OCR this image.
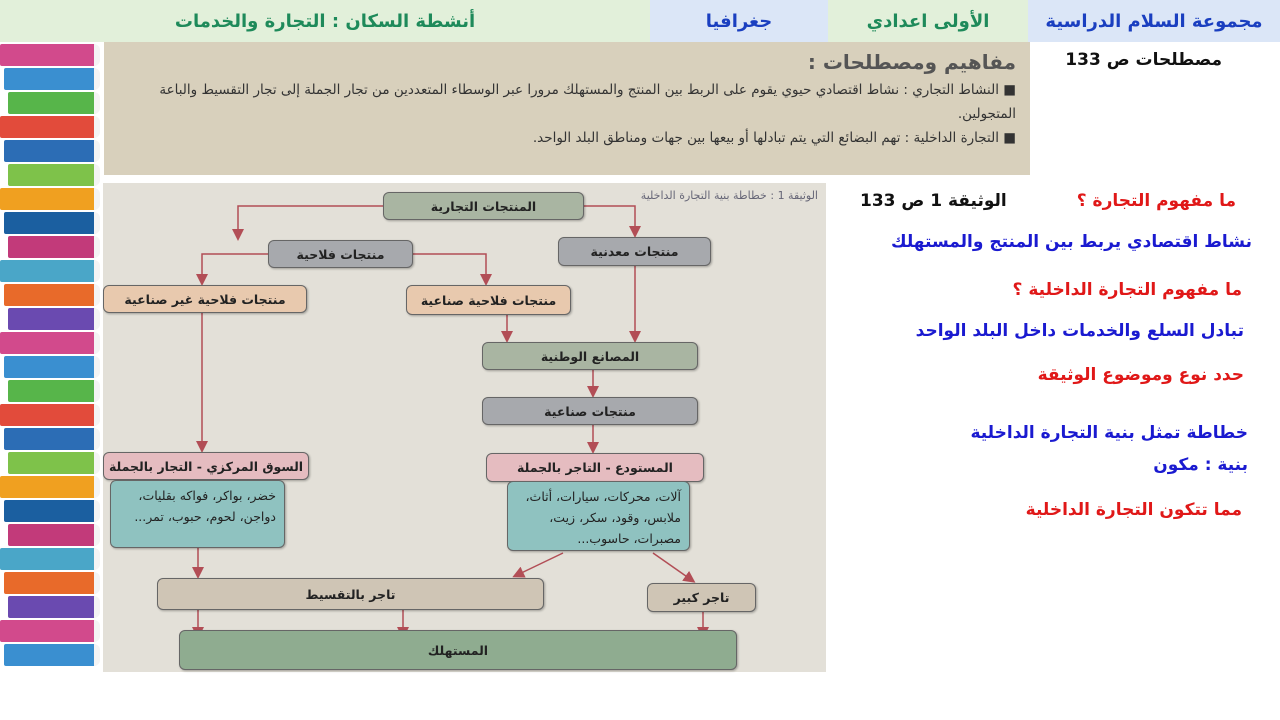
مجموعة السلام الدراسية
الأولى اعدادي
جغرافيا
أنشطة السكان : التجارة والخدمات
مفاهيم ومصطلحات :

■ النشاط التجاري : نشاط اقتصادي حيوي يقوم على الربط بين المنتج والمستهلك مرورا عبر الوسطاء المتعددين من تجار الجملة إلى تجار التقسيط والباعة المتجولين.

■ التجارة الداخلية : تهم البضائع التي يتم تبادلها أو بيعها بين جهات ومناطق البلد الواحد.

مصطلحات ص 133
الوثيقة 1 ص 133	ما مفهوم التجارة ؟
نشاط اقتصادي يربط بين المنتج والمستهلك
ما مفهوم التجارة الداخلية ؟
تبادل السلع والخدمات داخل البلد الواحد
حدد نوع وموضوع الوثيقة
خطاطة تمثل بنية التجارة الداخلية
بنية : مكون
مما تتكون التجارة الداخلية
الوثيقة 1 : خطاطة بنية التجارة الداخلية
المنتجات التجارية
منتجات فلاحية	منتجات معدنية
منتجات فلاحية غير صناعية	منتجات فلاحية صناعية
المصانع الوطنية
منتجات صناعية
السوق المركزي - التجار بالجملة	المستودع - التاجر بالجملة
خضر، بواكر، فواكه بقليات، دواجن، لحوم، حبوب، تمر...
آلات، محركات، سيارات، أثاث، ملابس، وقود، سكر، زيت، مصبرات، حاسوب...
تاجر بالتقسيط	تاجر كبير
المستهلك
